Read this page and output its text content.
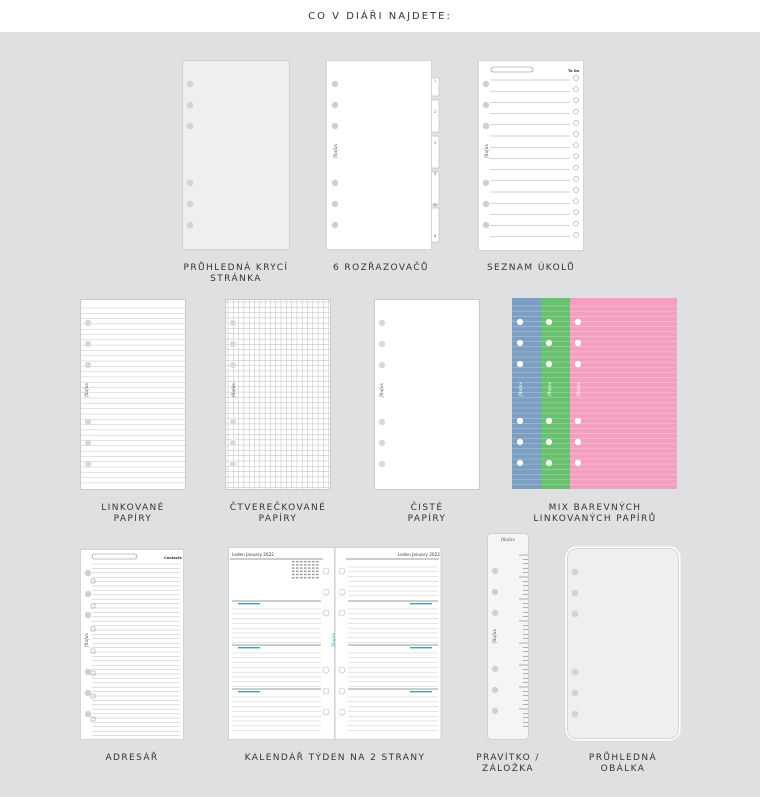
CO V DIÁŘI NAJDETE:
PRŮHLEDNÁ KRYCÍ
STRÁNKA
1
2
3
4
5
6
filofax
6 ROZŘAZOVAČŮ
To Do
filofax
SEZNAM ÚKOLŮ
filofax
LINKOVANÉ
PAPÍRY
filofax
ČTVEREČKOVANÉ
PAPÍRY
filofax
ČISTÉ
PAPÍRY
filofax	filofax	filofax
MIX BAREVNÝCH
LINKOVANÝCH PAPÍRŮ
Contacts
filofax
ADRESÁŘ
Leden January 2022	Leden January 2022
filofax
KALENDÁŘ TÝDEN NA 2 STRANY
filofax
filofax
PRAVÍTKO /
ZÁLOŽKA
PRŮHLEDNÁ
OBÁLKA
